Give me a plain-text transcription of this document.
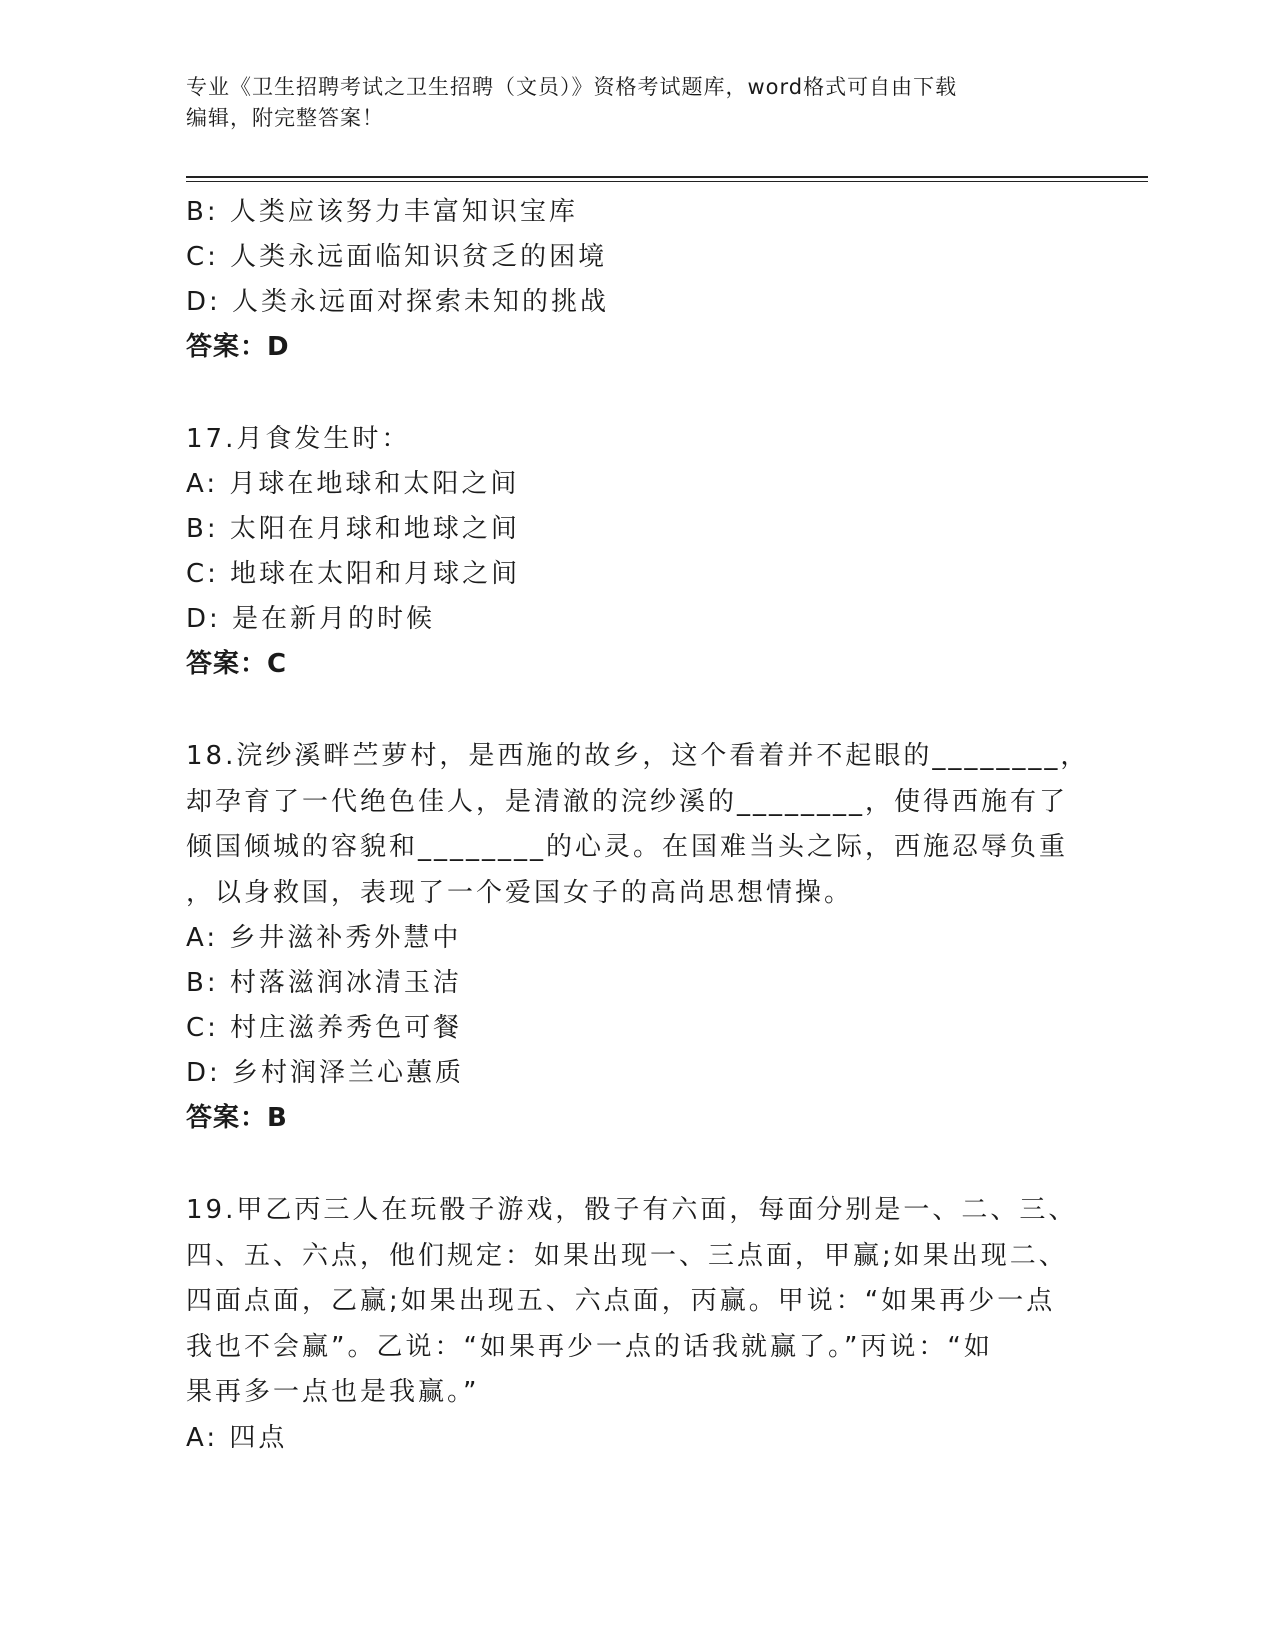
专业《卫生招聘考试之卫生招聘（文员）》资格考试题库，word格式可自由下载
编辑，附完整答案！
B: 人类应该努力丰富知识宝库
C: 人类永远面临知识贫乏的困境
D: 人类永远面对探索未知的挑战
答案：D
17.月食发生时：
A: 月球在地球和太阳之间
B: 太阳在月球和地球之间
C: 地球在太阳和月球之间
D: 是在新月的时候
答案：C
18.浣纱溪畔苎萝村，是西施的故乡，这个看着并不起眼的________，
却孕育了一代绝色佳人，是清澈的浣纱溪的________，使得西施有了
倾国倾城的容貌和________的心灵。在国难当头之际，西施忍辱负重
，以身救国，表现了一个爱国女子的高尚思想情操。
A: 乡井滋补秀外慧中
B: 村落滋润冰清玉洁
C: 村庄滋养秀色可餐
D: 乡村润泽兰心蕙质
答案：B
19.甲乙丙三人在玩骰子游戏，骰子有六面，每面分别是一、二、三、
四、五、六点，他们规定：如果出现一、三点面，甲赢;如果出现二、
四面点面，乙赢;如果出现五、六点面，丙赢。甲说：“如果再少一点
我也不会赢”。乙说：“如果再少一点的话我就赢了。”丙说：“如
果再多一点也是我赢。”
A: 四点
